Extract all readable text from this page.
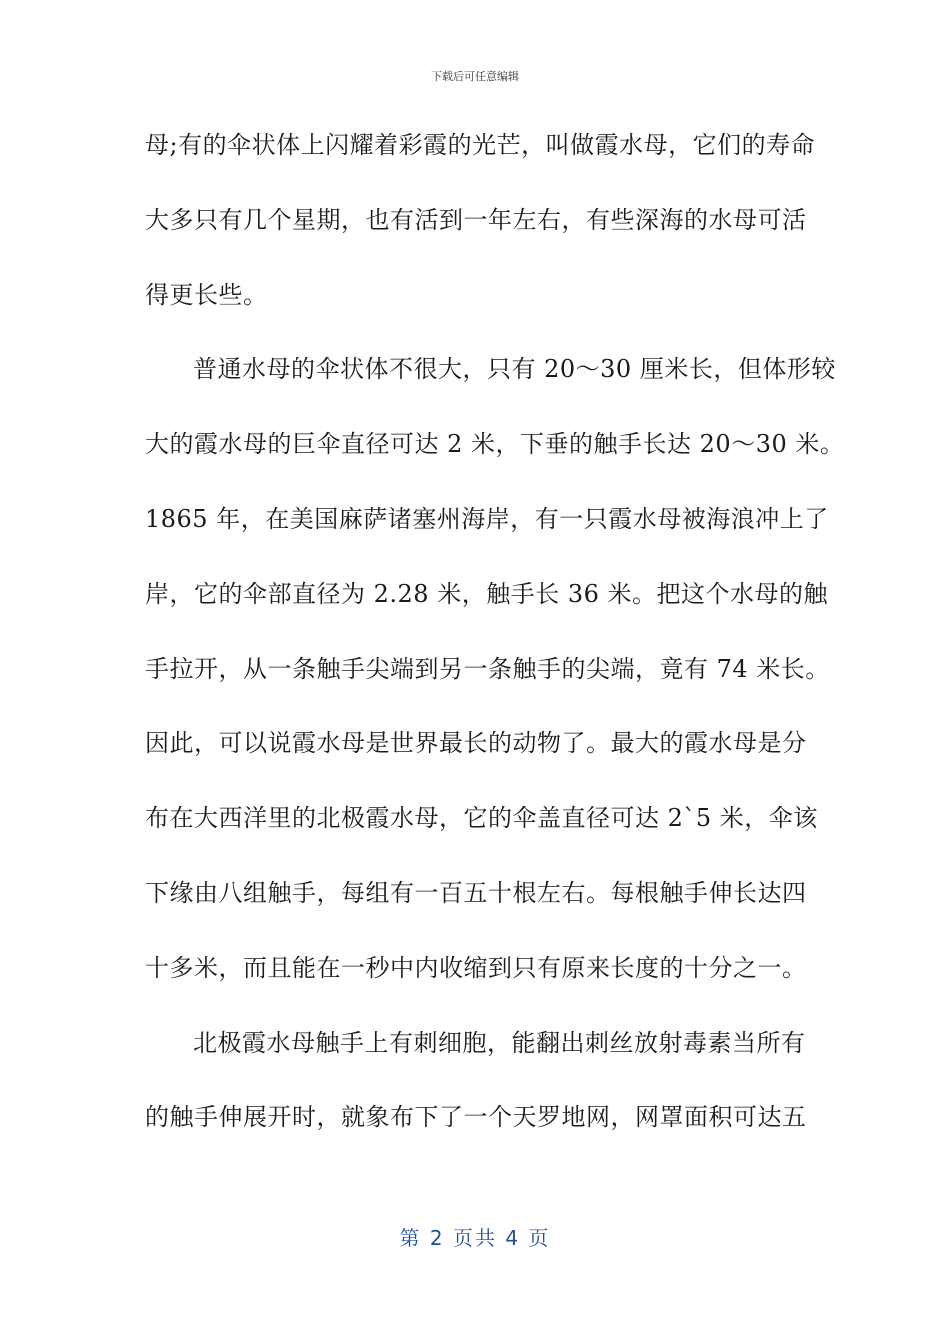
下载后可任意编辑
母;有的伞状体上闪耀着彩霞的光芒，叫做霞水母，它们的寿命
大多只有几个星期，也有活到一年左右，有些深海的水母可活
得更长些。
普通水母的伞状体不很大，只有 20～30 厘米长，但体形较
大的霞水母的巨伞直径可达 2 米，下垂的触手长达 20～30 米。
1865 年，在美国麻萨诸塞州海岸，有一只霞水母被海浪冲上了
岸，它的伞部直径为 2.28 米，触手长 36 米。把这个水母的触
手拉开，从一条触手尖端到另一条触手的尖端，竟有 74 米长。
因此，可以说霞水母是世界最长的动物了。最大的霞水母是分
布在大西洋里的北极霞水母，它的伞盖直径可达 2`5 米，伞该
下缘由八组触手，每组有一百五十根左右。每根触手伸长达四
十多米，而且能在一秒中内收缩到只有原来长度的十分之一。
北极霞水母触手上有刺细胞，能翻出刺丝放射毒素当所有
的触手伸展开时，就象布下了一个天罗地网，网罩面积可达五
第 2 页共 4 页
